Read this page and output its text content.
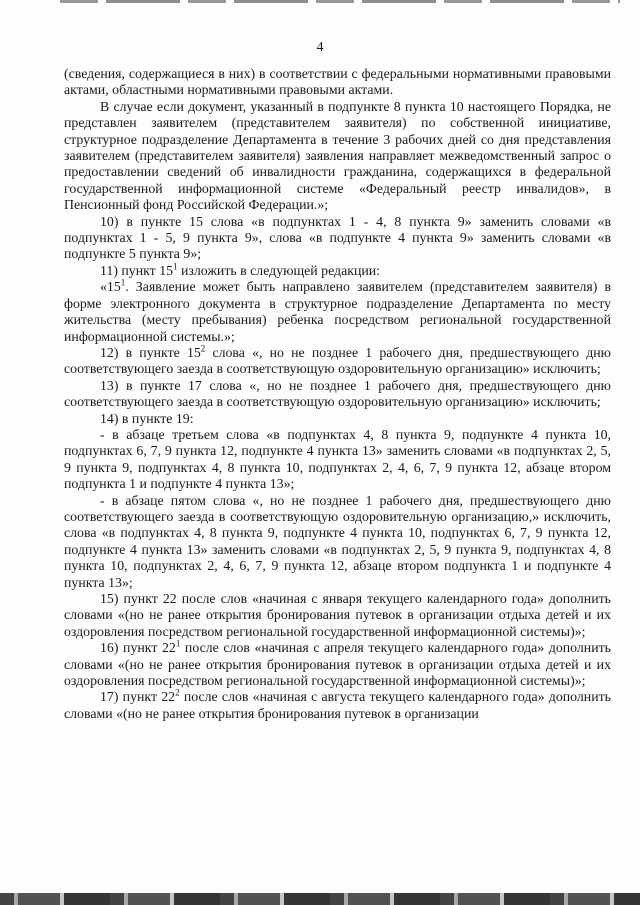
4

(сведения, содержащиеся в них) в соответствии с федеральными нормативными правовыми актами, областными нормативными правовыми актами.

В случае если документ, указанный в подпункте 8 пункта 10 настоящего Порядка, не представлен заявителем (представителем заявителя) по собственной инициативе, структурное подразделение Департамента в течение 3 рабочих дней со дня представления заявителем (представителем заявителя) заявления направляет межведомственный запрос о предоставлении сведений об инвалидности гражданина, содержащихся в федеральной государственной информационной системе «Федеральный реестр инвалидов», в Пенсионный фонд Российской Федерации.»;

10) в пункте 15 слова «в подпунктах 1 - 4, 8 пункта 9» заменить словами «в подпунктах 1 - 5, 9 пункта 9», слова «в подпункте 4 пункта 9» заменить словами «в подпункте 5 пункта 9»;

11) пункт $15^1$ изложить в следующей редакции:

«$15^1$. Заявление может быть направлено заявителем (представителем заявителя) в форме электронного документа в структурное подразделение Департамента по месту жительства (месту пребывания) ребенка посредством региональной государственной информационной системы.»;

12) в пункте $15^2$ слова «, но не позднее 1 рабочего дня, предшествующего дню соответствующего заезда в соответствующую оздоровительную организацию» исключить;

13) в пункте 17 слова «, но не позднее 1 рабочего дня, предшествующего дню соответствующего заезда в соответствующую оздоровительную организацию» исключить;

14) в пункте 19:

- в абзаце третьем слова «в подпунктах 4, 8 пункта 9, подпункте 4 пункта 10, подпунктах 6, 7, 9 пункта 12, подпункте 4 пункта 13» заменить словами «в подпунктах 2, 5, 9 пункта 9, подпунктах 4, 8 пункта 10, подпунктах 2, 4, 6, 7, 9 пункта 12, абзаце втором подпункта 1 и подпункте 4 пункта 13»;

- в абзаце пятом слова «, но не позднее 1 рабочего дня, предшествующего дню соответствующего заезда в соответствующую оздоровительную организацию,» исключить, слова «в подпунктах 4, 8 пункта 9, подпункте 4 пункта 10, подпунктах 6, 7, 9 пункта 12, подпункте 4 пункта 13» заменить словами «в подпунктах 2, 5, 9 пункта 9, подпунктах 4, 8 пункта 10, подпунктах 2, 4, 6, 7, 9 пункта 12, абзаце втором подпункта 1 и подпункте 4 пункта 13»;

15) пункт 22 после слов «начиная с января текущего календарного года» дополнить словами «(но не ранее открытия бронирования путевок в организации отдыха детей и их оздоровления посредством региональной государственной информационной системы)»;

16) пункт $22^1$ после слов «начиная с апреля текущего календарного года» дополнить словами «(но не ранее открытия бронирования путевок в организации отдыха детей и их оздоровления посредством региональной государственной информационной системы)»;

17) пункт $22^2$ после слов «начиная с августа текущего календарного года» дополнить словами «(но не ранее открытия бронирования путевок в организации
